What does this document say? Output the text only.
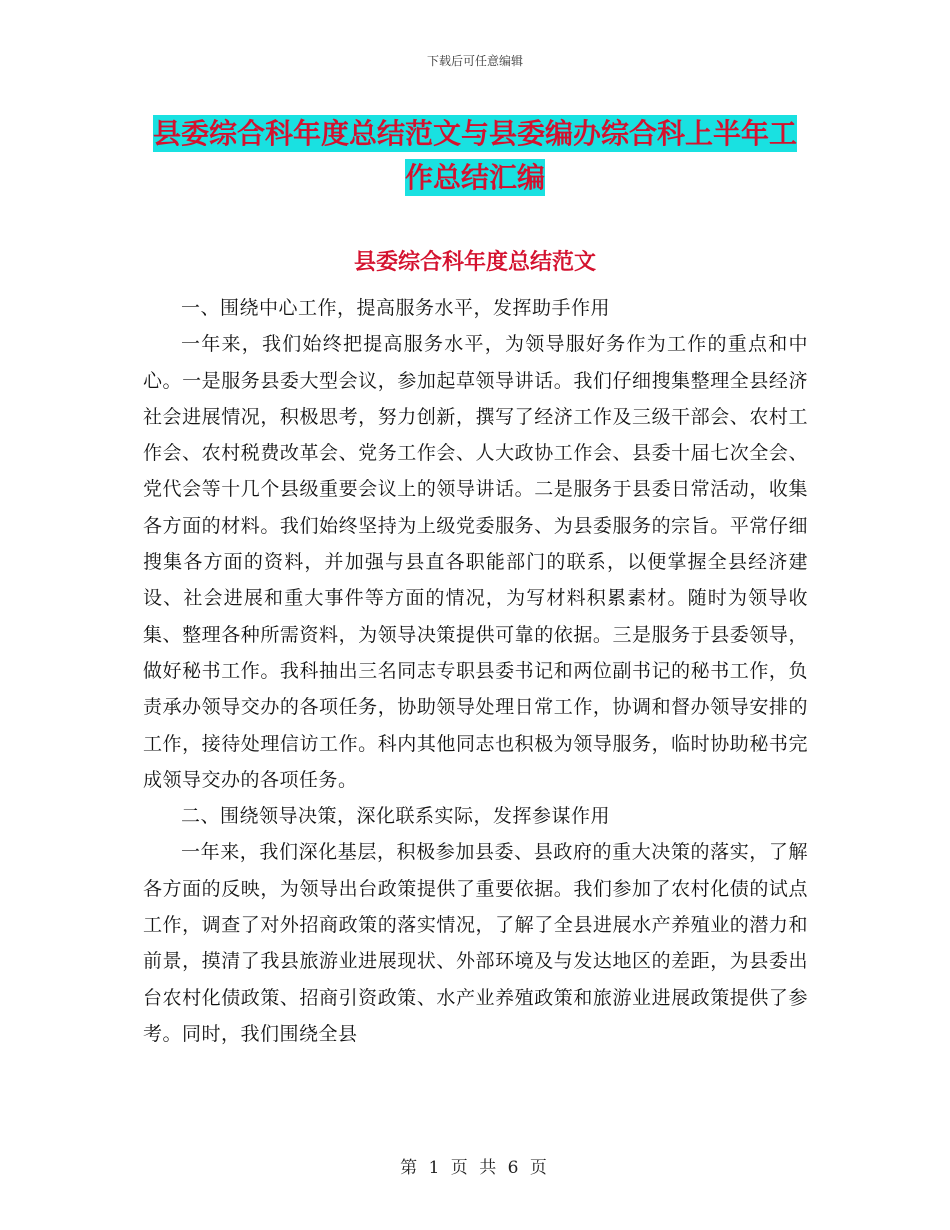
下载后可任意编辑
县委综合科年度总结范文与县委编办综合科上半年工
作总结汇编
县委综合科年度总结范文

一、围绕中心工作，提高服务水平，发挥助手作用

一年来，我们始终把提高服务水平，为领导服好务作为工作的重点和中心。一是服务县委大型会议，参加起草领导讲话。我们仔细搜集整理全县经济社会进展情况，积极思考，努力创新，撰写了经济工作及三级干部会、农村工作会、农村税费改革会、党务工作会、人大政协工作会、县委十届七次全会、党代会等十几个县级重要会议上的领导讲话。二是服务于县委日常活动，收集各方面的材料。我们始终坚持为上级党委服务、为县委服务的宗旨。平常仔细搜集各方面的资料，并加强与县直各职能部门的联系，以便掌握全县经济建设、社会进展和重大事件等方面的情况，为写材料积累素材。随时为领导收集、整理各种所需资料，为领导决策提供可靠的依据。三是服务于县委领导，做好秘书工作。我科抽出三名同志专职县委书记和两位副书记的秘书工作，负责承办领导交办的各项任务，协助领导处理日常工作，协调和督办领导安排的工作，接待处理信访工作。科内其他同志也积极为领导服务，临时协助秘书完成领导交办的各项任务。

二、围绕领导决策，深化联系实际，发挥参谋作用

一年来，我们深化基层，积极参加县委、县政府的重大决策的落实，了解各方面的反映，为领导出台政策提供了重要依据。我们参加了农村化债的试点工作，调查了对外招商政策的落实情况，了解了全县进展水产养殖业的潜力和前景，摸清了我县旅游业进展现状、外部环境及与发达地区的差距，为县委出台农村化债政策、招商引资政策、水产业养殖政策和旅游业进展政策提供了参考。同时，我们围绕全县

第 1 页 共 6 页
